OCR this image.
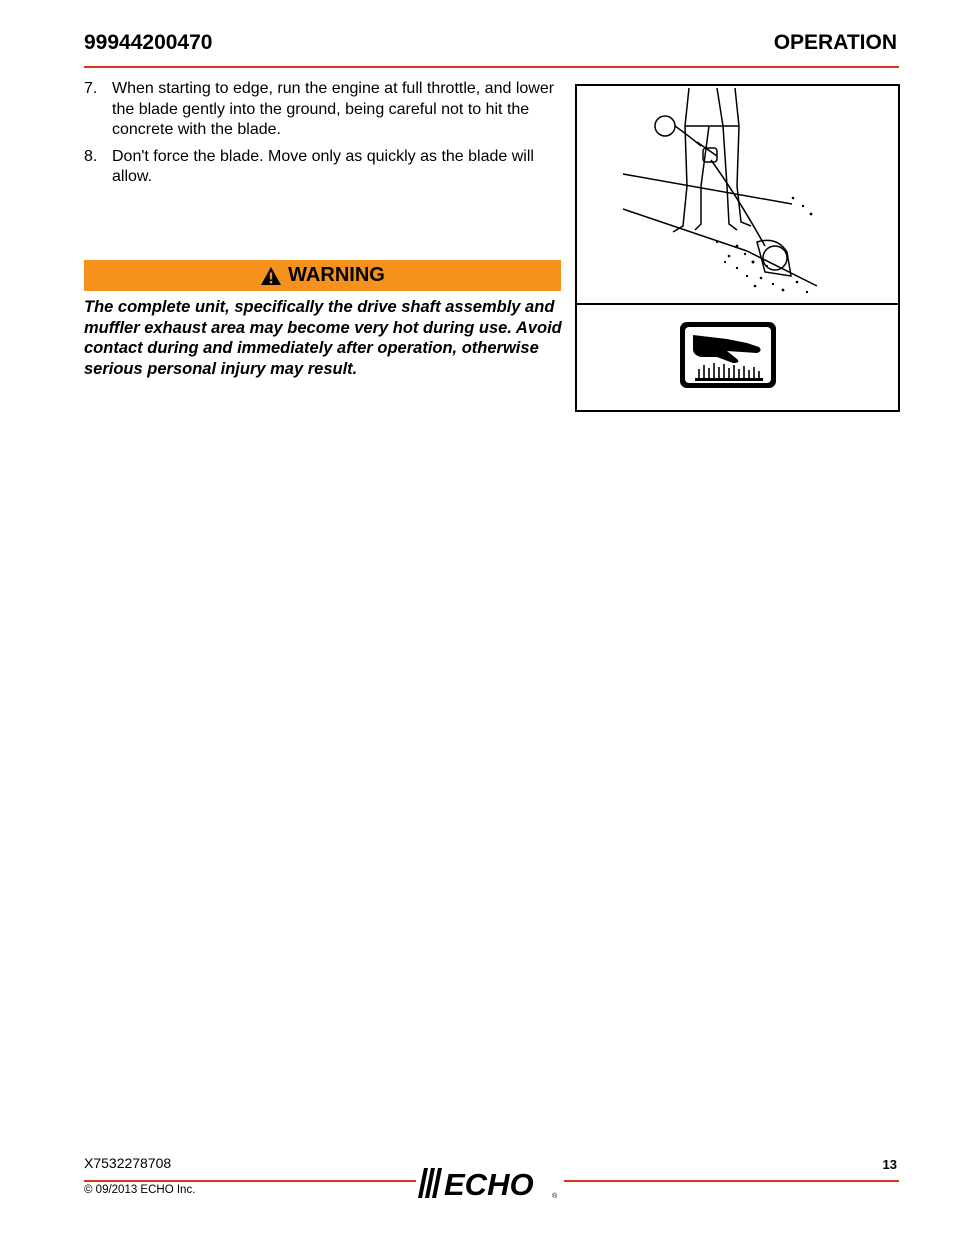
99944200470	OPERATION
7. When starting to edge, run the engine at full throttle, and lower the blade gently into the ground, being careful not to hit the concrete with the blade.
8. Don't force the blade. Move only as quickly as the blade will allow.
WARNING
The complete unit, specifically the drive shaft assembly and muffler exhaust area may become very hot during use. Avoid contact during and immediately after operation, otherwise serious personal injury may result.
X7532278708	13
ECHO	®
© 09/2013 ECHO Inc.
